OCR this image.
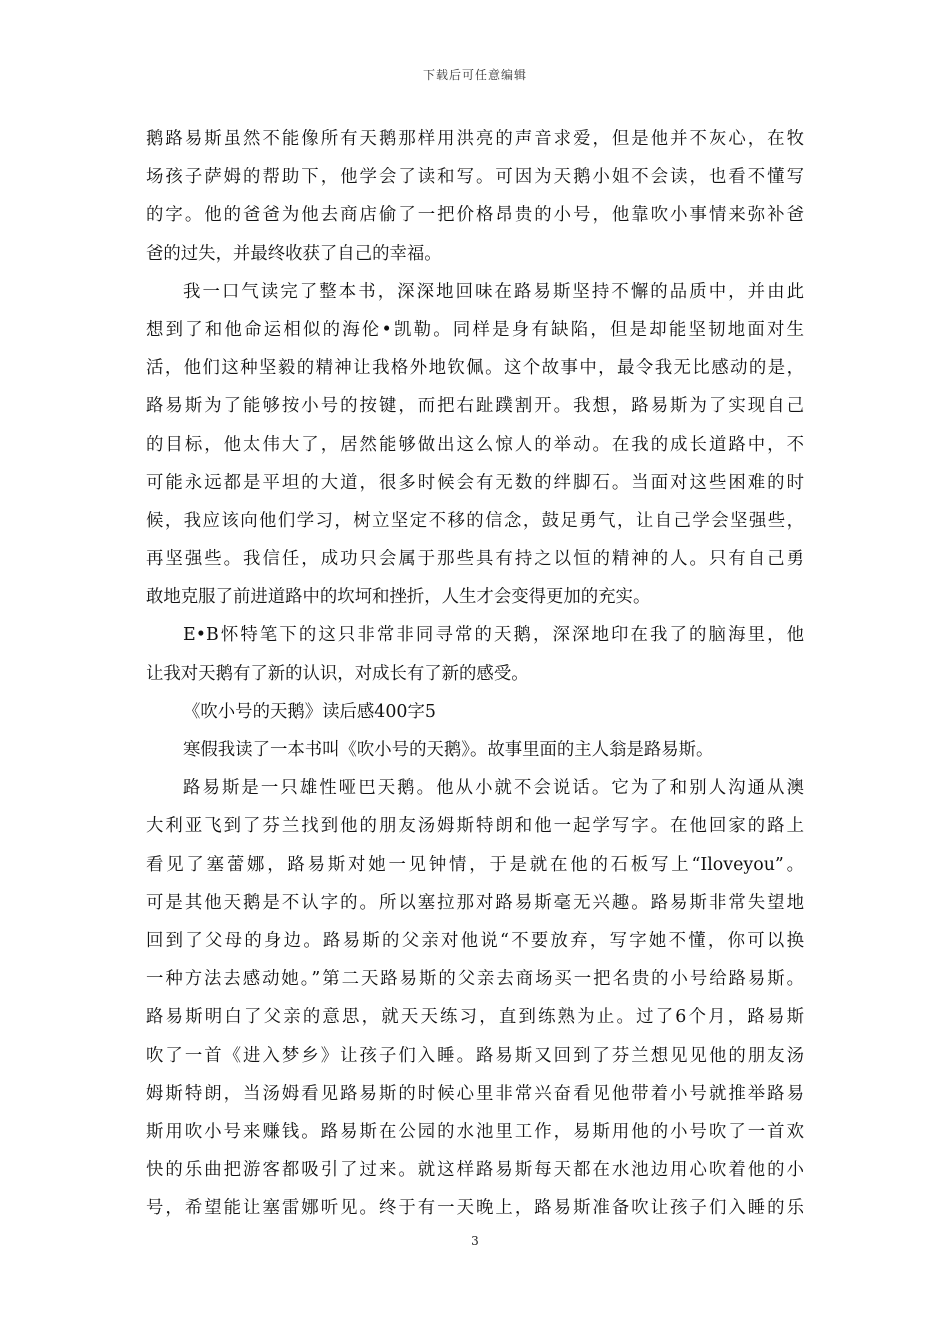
下载后可任意编辑
鹅路易斯虽然不能像所有天鹅那样用洪亮的声音求爱，但是他并不灰心，在牧
场孩子萨姆的帮助下，他学会了读和写。可因为天鹅小姐不会读，也看不懂写
的字。他的爸爸为他去商店偷了一把价格昂贵的小号，他靠吹小事情来弥补爸
爸的过失，并最终收获了自己的幸福。
我一口气读完了整本书，深深地回味在路易斯坚持不懈的品质中，并由此
想到了和他命运相似的海伦•凯勒。同样是身有缺陷，但是却能坚韧地面对生
活，他们这种坚毅的精神让我格外地钦佩。这个故事中，最令我无比感动的是，
路易斯为了能够按小号的按键，而把右趾蹼割开。我想，路易斯为了实现自己
的目标，他太伟大了，居然能够做出这么惊人的举动。在我的成长道路中，不
可能永远都是平坦的大道，很多时候会有无数的绊脚石。当面对这些困难的时
候，我应该向他们学习，树立坚定不移的信念，鼓足勇气，让自己学会坚强些，
再坚强些。我信任，成功只会属于那些具有持之以恒的精神的人。只有自己勇
敢地克服了前进道路中的坎坷和挫折，人生才会变得更加的充实。
E•B怀特笔下的这只非常非同寻常的天鹅，深深地印在我了的脑海里，他
让我对天鹅有了新的认识，对成长有了新的感受。
《吹小号的天鹅》读后感400字5
寒假我读了一本书叫《吹小号的天鹅》。故事里面的主人翁是路易斯。
路易斯是一只雄性哑巴天鹅。他从小就不会说话。它为了和别人沟通从澳
大利亚飞到了芬兰找到他的朋友汤姆斯特朗和他一起学写字。在他回家的路上
看见了塞蕾娜，路易斯对她一见钟情，于是就在他的石板写上“Iloveyou”。
可是其他天鹅是不认字的。所以塞拉那对路易斯毫无兴趣。路易斯非常失望地
回到了父母的身边。路易斯的父亲对他说“不要放弃，写字她不懂，你可以换
一种方法去感动她。”第二天路易斯的父亲去商场买一把名贵的小号给路易斯。
路易斯明白了父亲的意思，就天天练习，直到练熟为止。过了6个月，路易斯
吹了一首《进入梦乡》让孩子们入睡。路易斯又回到了芬兰想见见他的朋友汤
姆斯特朗，当汤姆看见路易斯的时候心里非常兴奋看见他带着小号就推举路易
斯用吹小号来赚钱。路易斯在公园的水池里工作，易斯用他的小号吹了一首欢
快的乐曲把游客都吸引了过来。就这样路易斯每天都在水池边用心吹着他的小
号，希望能让塞雷娜听见。终于有一天晚上，路易斯准备吹让孩子们入睡的乐
3
